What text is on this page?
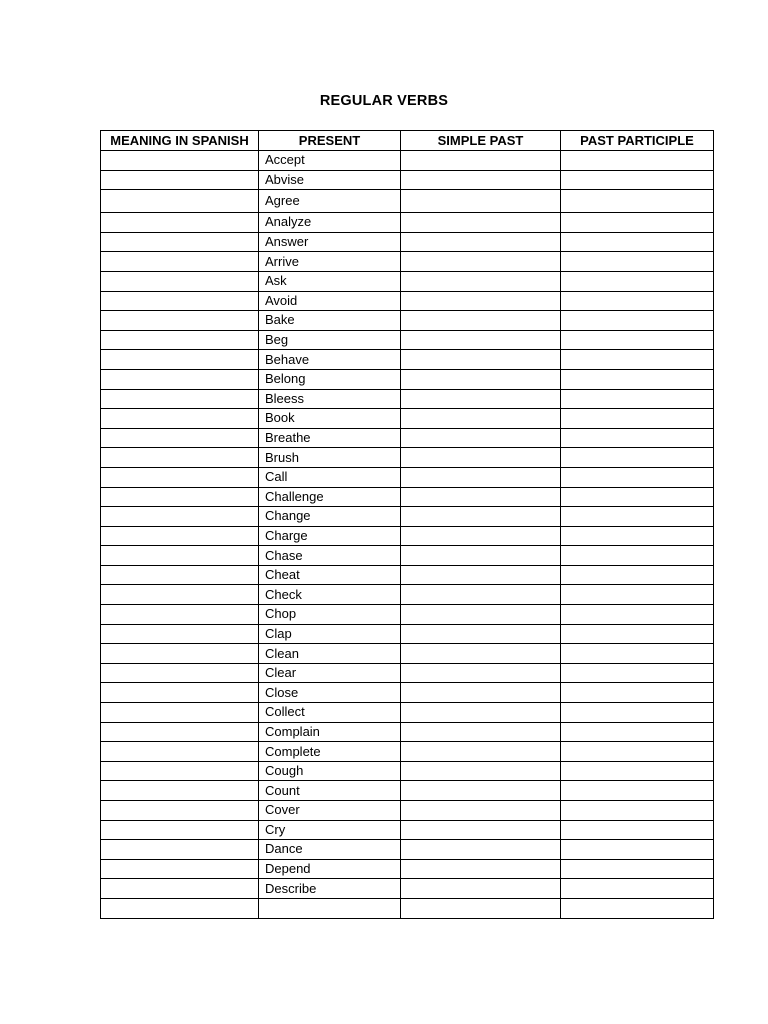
REGULAR VERBS
MEANING IN SPANISH	PRESENT	SIMPLE PAST	PAST PARTICIPLE
	Accept		
	Abvise		
	Agree		
	Analyze		
	Answer		
	Arrive		
	Ask		
	Avoid		
	Bake		
	Beg		
	Behave		
	Belong		
	Bleess		
	Book		
	Breathe		
	Brush		
	Call		
	Challenge		
	Change		
	Charge		
	Chase		
	Cheat		
	Check		
	Chop		
	Clap		
	Clean		
	Clear		
	Close		
	Collect		
	Complain		
	Complete		
	Cough		
	Count		
	Cover		
	Cry		
	Dance		
	Depend		
	Describe		
